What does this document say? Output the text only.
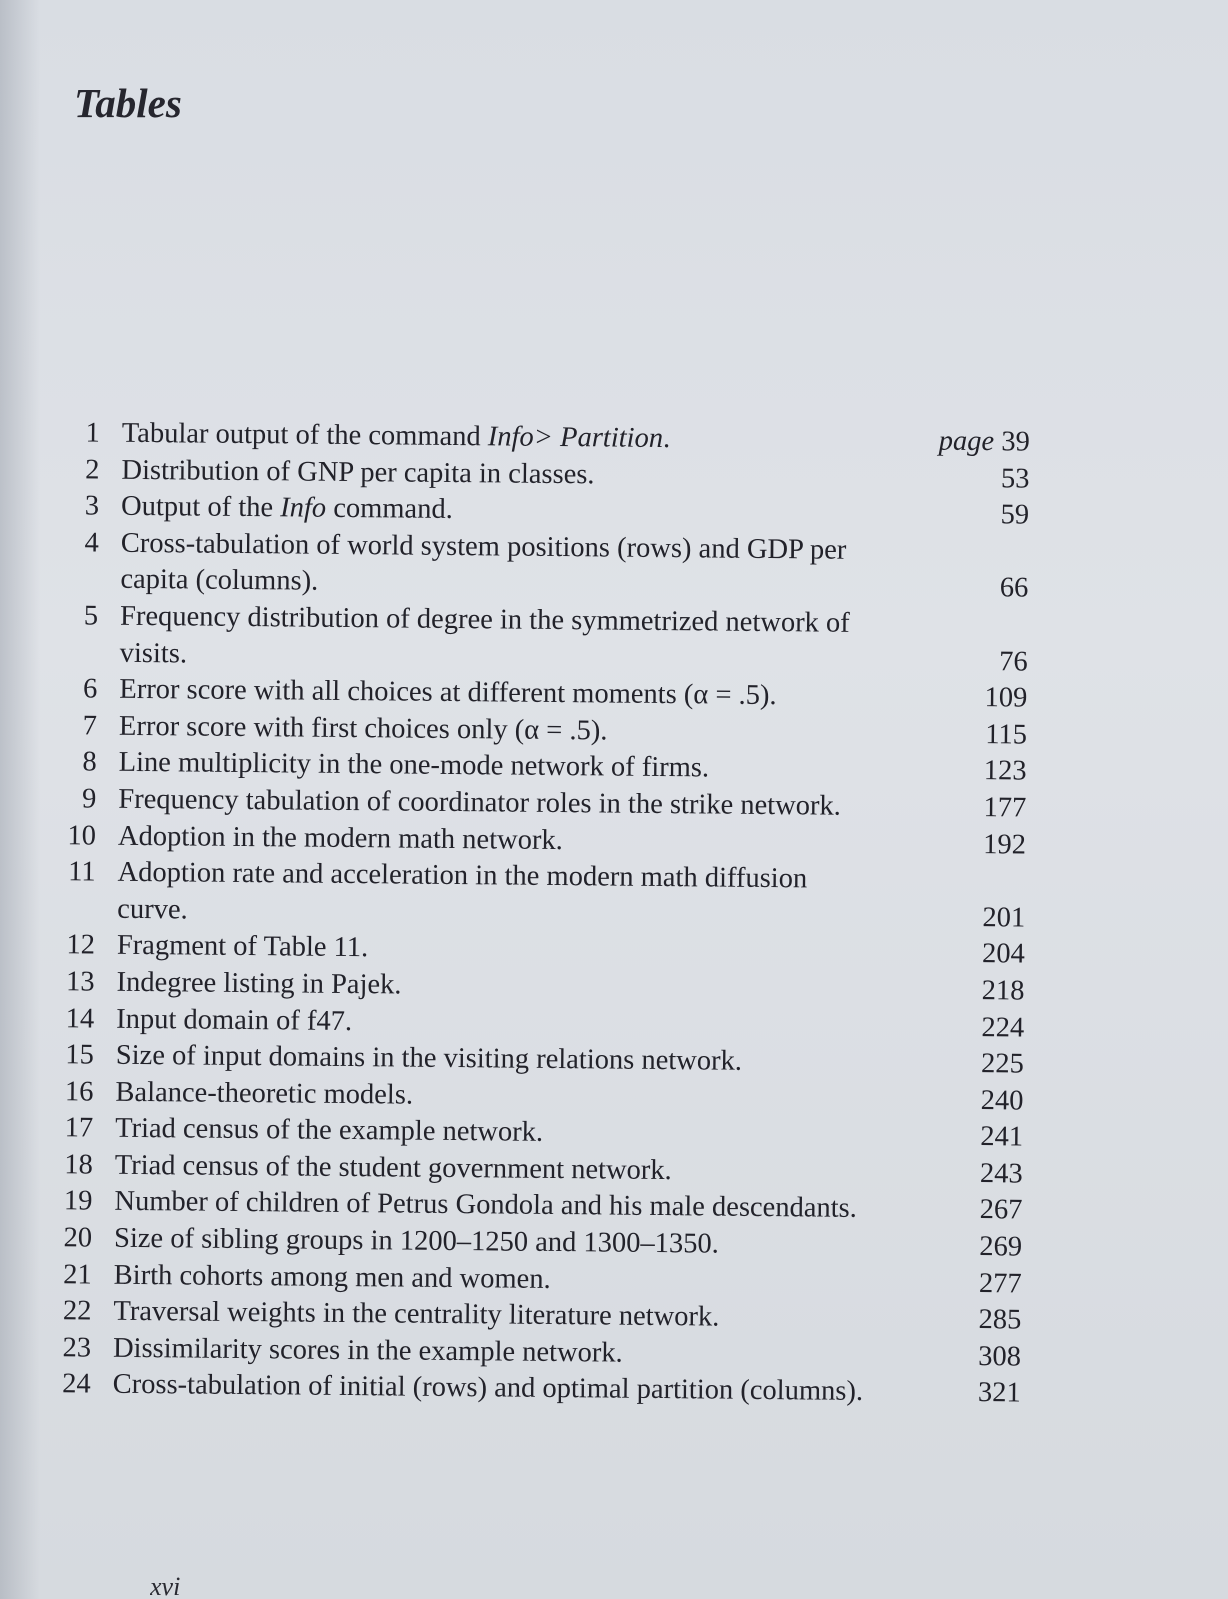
Tables
1 Tabular output of the command Info> Partition.	page 39
2 Distribution of GNP per capita in classes.	53
3 Output of the Info command.	59
4 Cross-tabulation of world system positions (rows) and GDP per capita (columns).	66
5 Frequency distribution of degree in the symmetrized network of visits.	76
6 Error score with all choices at different moments (α = .5).	109
7 Error score with first choices only (α = .5).	115
8 Line multiplicity in the one-mode network of firms.	123
9 Frequency tabulation of coordinator roles in the strike network.	177
10 Adoption in the modern math network.	192
11 Adoption rate and acceleration in the modern math diffusion curve.	201
12 Fragment of Table 11.	204
13 Indegree listing in Pajek.	218
14 Input domain of f47.	224
15 Size of input domains in the visiting relations network.	225
16 Balance-theoretic models.	240
17 Triad census of the example network.	241
18 Triad census of the student government network.	243
19 Number of children of Petrus Gondola and his male descendants.	267
20 Size of sibling groups in 1200–1250 and 1300–1350.	269
21 Birth cohorts among men and women.	277
22 Traversal weights in the centrality literature network.	285
23 Dissimilarity scores in the example network.	308
24 Cross-tabulation of initial (rows) and optimal partition (columns).	321
xvi
